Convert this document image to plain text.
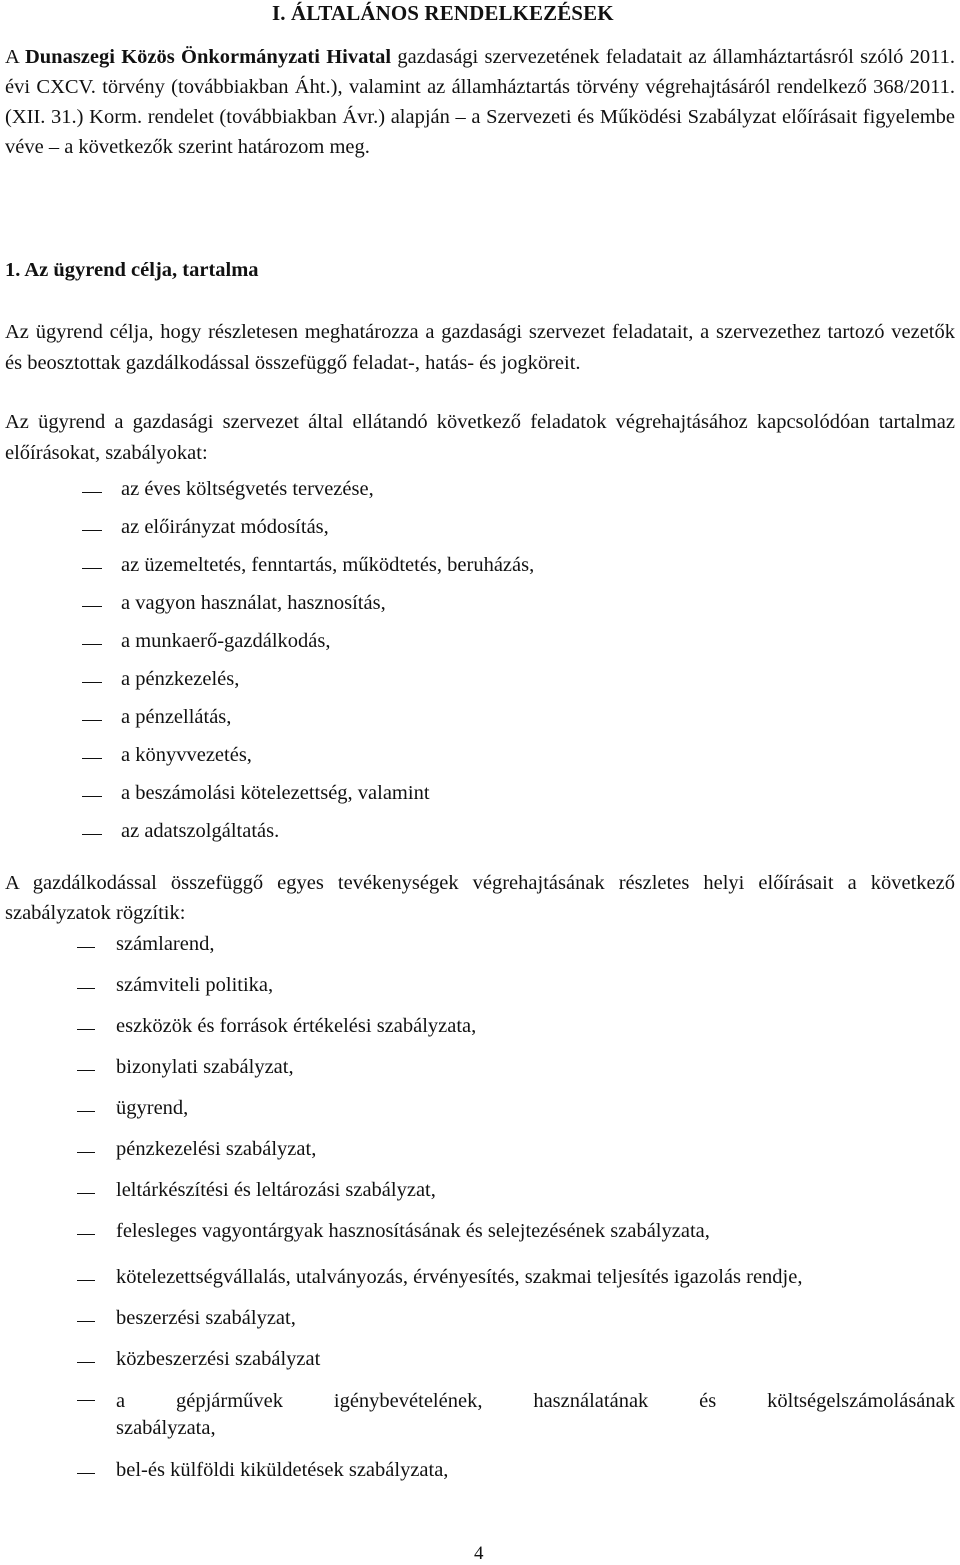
I. ÁLTALÁNOS RENDELKEZÉSEK

A Dunaszegi Közös Önkormányzati Hivatal gazdasági szervezetének feladatait az államháztartásról szóló 2011. évi CXCV. törvény (továbbiakban Áht.), valamint az államháztartás törvény végrehajtásáról rendelkező 368/2011. (XII. 31.) Korm. rendelet (továbbiakban Ávr.) alapján – a Szervezeti és Működési Szabályzat előírásait figyelembe véve – a következők szerint határozom meg.

1. Az ügyrend célja, tartalma

Az ügyrend célja, hogy részletesen meghatározza a gazdasági szervezet feladatait, a szervezethez tartozó vezetők és beosztottak gazdálkodással összefüggő feladat-, hatás- és jogköreit.

Az ügyrend a gazdasági szervezet által ellátandó következő feladatok végrehajtásához kapcsolódóan tartalmaz előírásokat, szabályokat:

az éves költségvetés tervezése,
az előirányzat módosítás,
az üzemeltetés, fenntartás, működtetés, beruházás,
a vagyon használat, hasznosítás,
a munkaerő-gazdálkodás,
a pénzkezelés,
a pénzellátás,
a könyvvezetés,
a beszámolási kötelezettség, valamint
az adatszolgáltatás.

A gazdálkodással összefüggő egyes tevékenységek végrehajtásának részletes helyi előírásait a következő szabályzatok rögzítik:

számlarend,
számviteli politika,
eszközök és források értékelési szabályzata,
bizonylati szabályzat,
ügyrend,
pénzkezelési szabályzat,
leltárkészítési és leltározási szabályzat,
felesleges vagyontárgyak hasznosításának és selejtezésének szabályzata,
kötelezettségvállalás, utalványozás, érvényesítés, szakmai teljesítés igazolás rendje,
beszerzési szabályzat,
közbeszerzési szabályzat
a gépjárművek igénybevételének, használatának és költségelszámolásának
szabályzata,
bel-és külföldi kiküldetések szabályzata,
4
